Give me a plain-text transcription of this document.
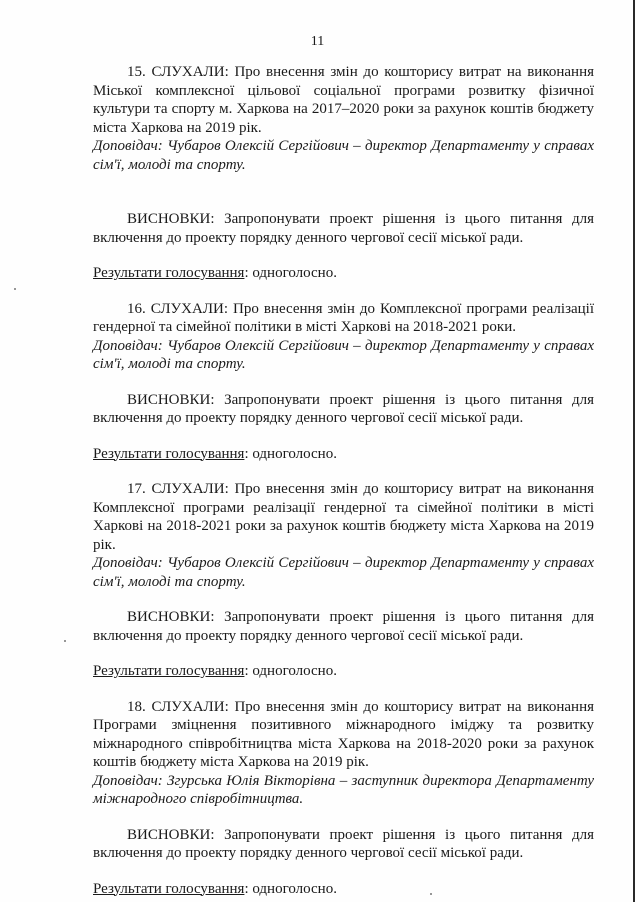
11

15. СЛУХАЛИ: Про внесення змін до кошторису витрат на виконання Міської комплексної цільової соціальної програми розвитку фізичної культури та спорту м. Харкова на 2017–2020 роки за рахунок коштів бюджету міста Харкова на 2019 рік.

Доповідач: Чубаров Олексій Сергійович – директор Департаменту у справах сім'ї, молоді та спорту.

ВИСНОВКИ: Запропонувати проект рішення із цього питання для включення до проекту порядку денного чергової сесії міської ради.

Результати голосування: одноголосно.

16. СЛУХАЛИ: Про внесення змін до Комплексної програми реалізації гендерної та сімейної політики в місті Харкові на 2018-2021 роки.

Доповідач: Чубаров Олексій Сергійович – директор Департаменту у справах сім'ї, молоді та спорту.

ВИСНОВКИ: Запропонувати проект рішення із цього питання для включення до проекту порядку денного чергової сесії міської ради.

Результати голосування: одноголосно.

17. СЛУХАЛИ: Про внесення змін до кошторису витрат на виконання Комплексної програми реалізації гендерної та сімейної політики в місті Харкові на 2018-2021 роки за рахунок коштів бюджету міста Харкова на 2019 рік.

Доповідач: Чубаров Олексій Сергійович – директор Департаменту у справах сім'ї, молоді та спорту.

ВИСНОВКИ: Запропонувати проект рішення із цього питання для включення до проекту порядку денного чергової сесії міської ради.

Результати голосування: одноголосно.

18. СЛУХАЛИ: Про внесення змін до кошторису витрат на виконання Програми зміцнення позитивного міжнародного іміджу та розвитку міжнародного співробітництва міста Харкова на 2018-2020 роки за рахунок коштів бюджету міста Харкова на 2019 рік.

Доповідач: Згурська Юлія Вікторівна – заступник директора Департаменту міжнародного співробітництва.

ВИСНОВКИ: Запропонувати проект рішення із цього питання для включення до проекту порядку денного чергової сесії міської ради.

Результати голосування: одноголосно.
